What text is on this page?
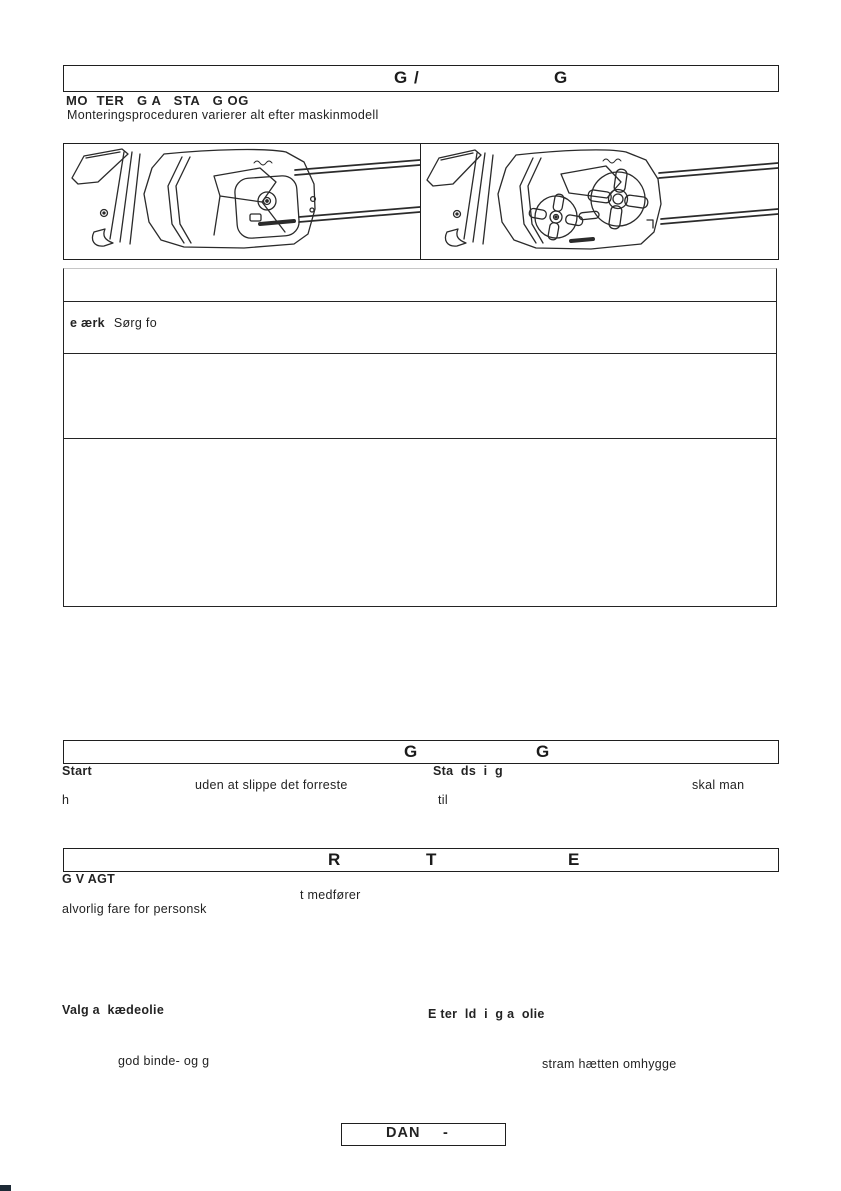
G /	G
MO  TER   G A   STA   G OG
Monteringsproceduren varierer alt efter maskinmodell
e ærk Sørg fo
G	G
Start
uden at slippe det forreste
h
Sta  ds  i  g
skal man
til
R	T	E
G V AGT
t medfører
alvorlig fare for personsk
Valg a  kædeolie	E ter  ld  i  g a  olie
god binde- og g	stram hætten omhygge
DAN -
